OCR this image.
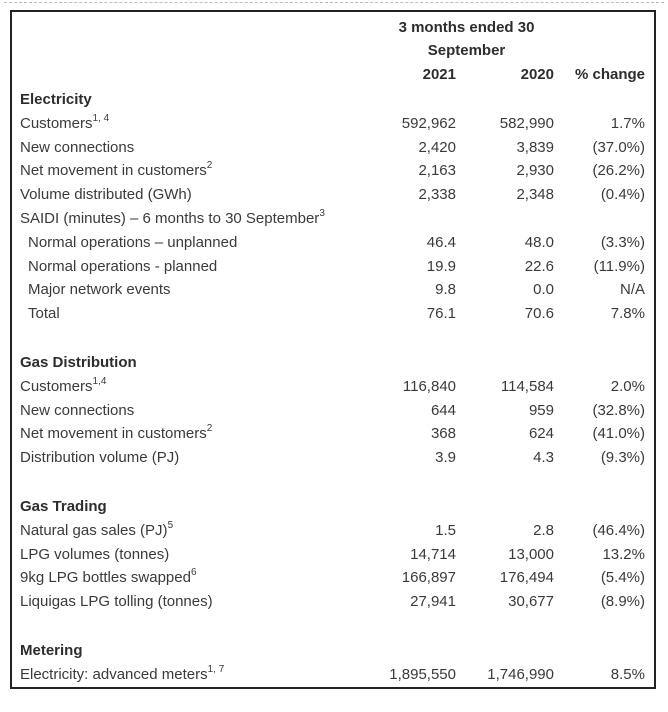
	3 months ended 30
September		

	2021	2020	% change
Electricity			
Customers$^{1, 4}$	592,962	582,990	1.7%
New connections	2,420	3,839	(37.0%)
Net movement in customers$^2$	2,163	2,930	(26.2%)
Volume distributed (GWh)	2,338	2,348	(0.4%)
SAIDI (minutes) – 6 months to 30 September$^3$			
Normal operations – unplanned	46.4	48.0	(3.3%)
Normal operations - planned	19.9	22.6	(11.9%)
Major network events	9.8	0.0	N/A
Total	76.1	70.6	7.8%

Gas Distribution			
Customers$^{1,4}$	116,840	114,584	2.0%
New connections	644	959	(32.8%)
Net movement in customers$^2$	368	624	(41.0%)
Distribution volume (PJ)	3.9	4.3	(9.3%)

Gas Trading			
Natural gas sales (PJ)$^5$	1.5	2.8	(46.4%)
LPG volumes (tonnes)	14,714	13,000	13.2%
9kg LPG bottles swapped$^6$	166,897	176,494	(5.4%)
Liquigas LPG tolling (tonnes)	27,941	30,677	(8.9%)

Metering			
Electricity: advanced meters$^{1, 7}$	1,895,550	1,746,990	8.5%
